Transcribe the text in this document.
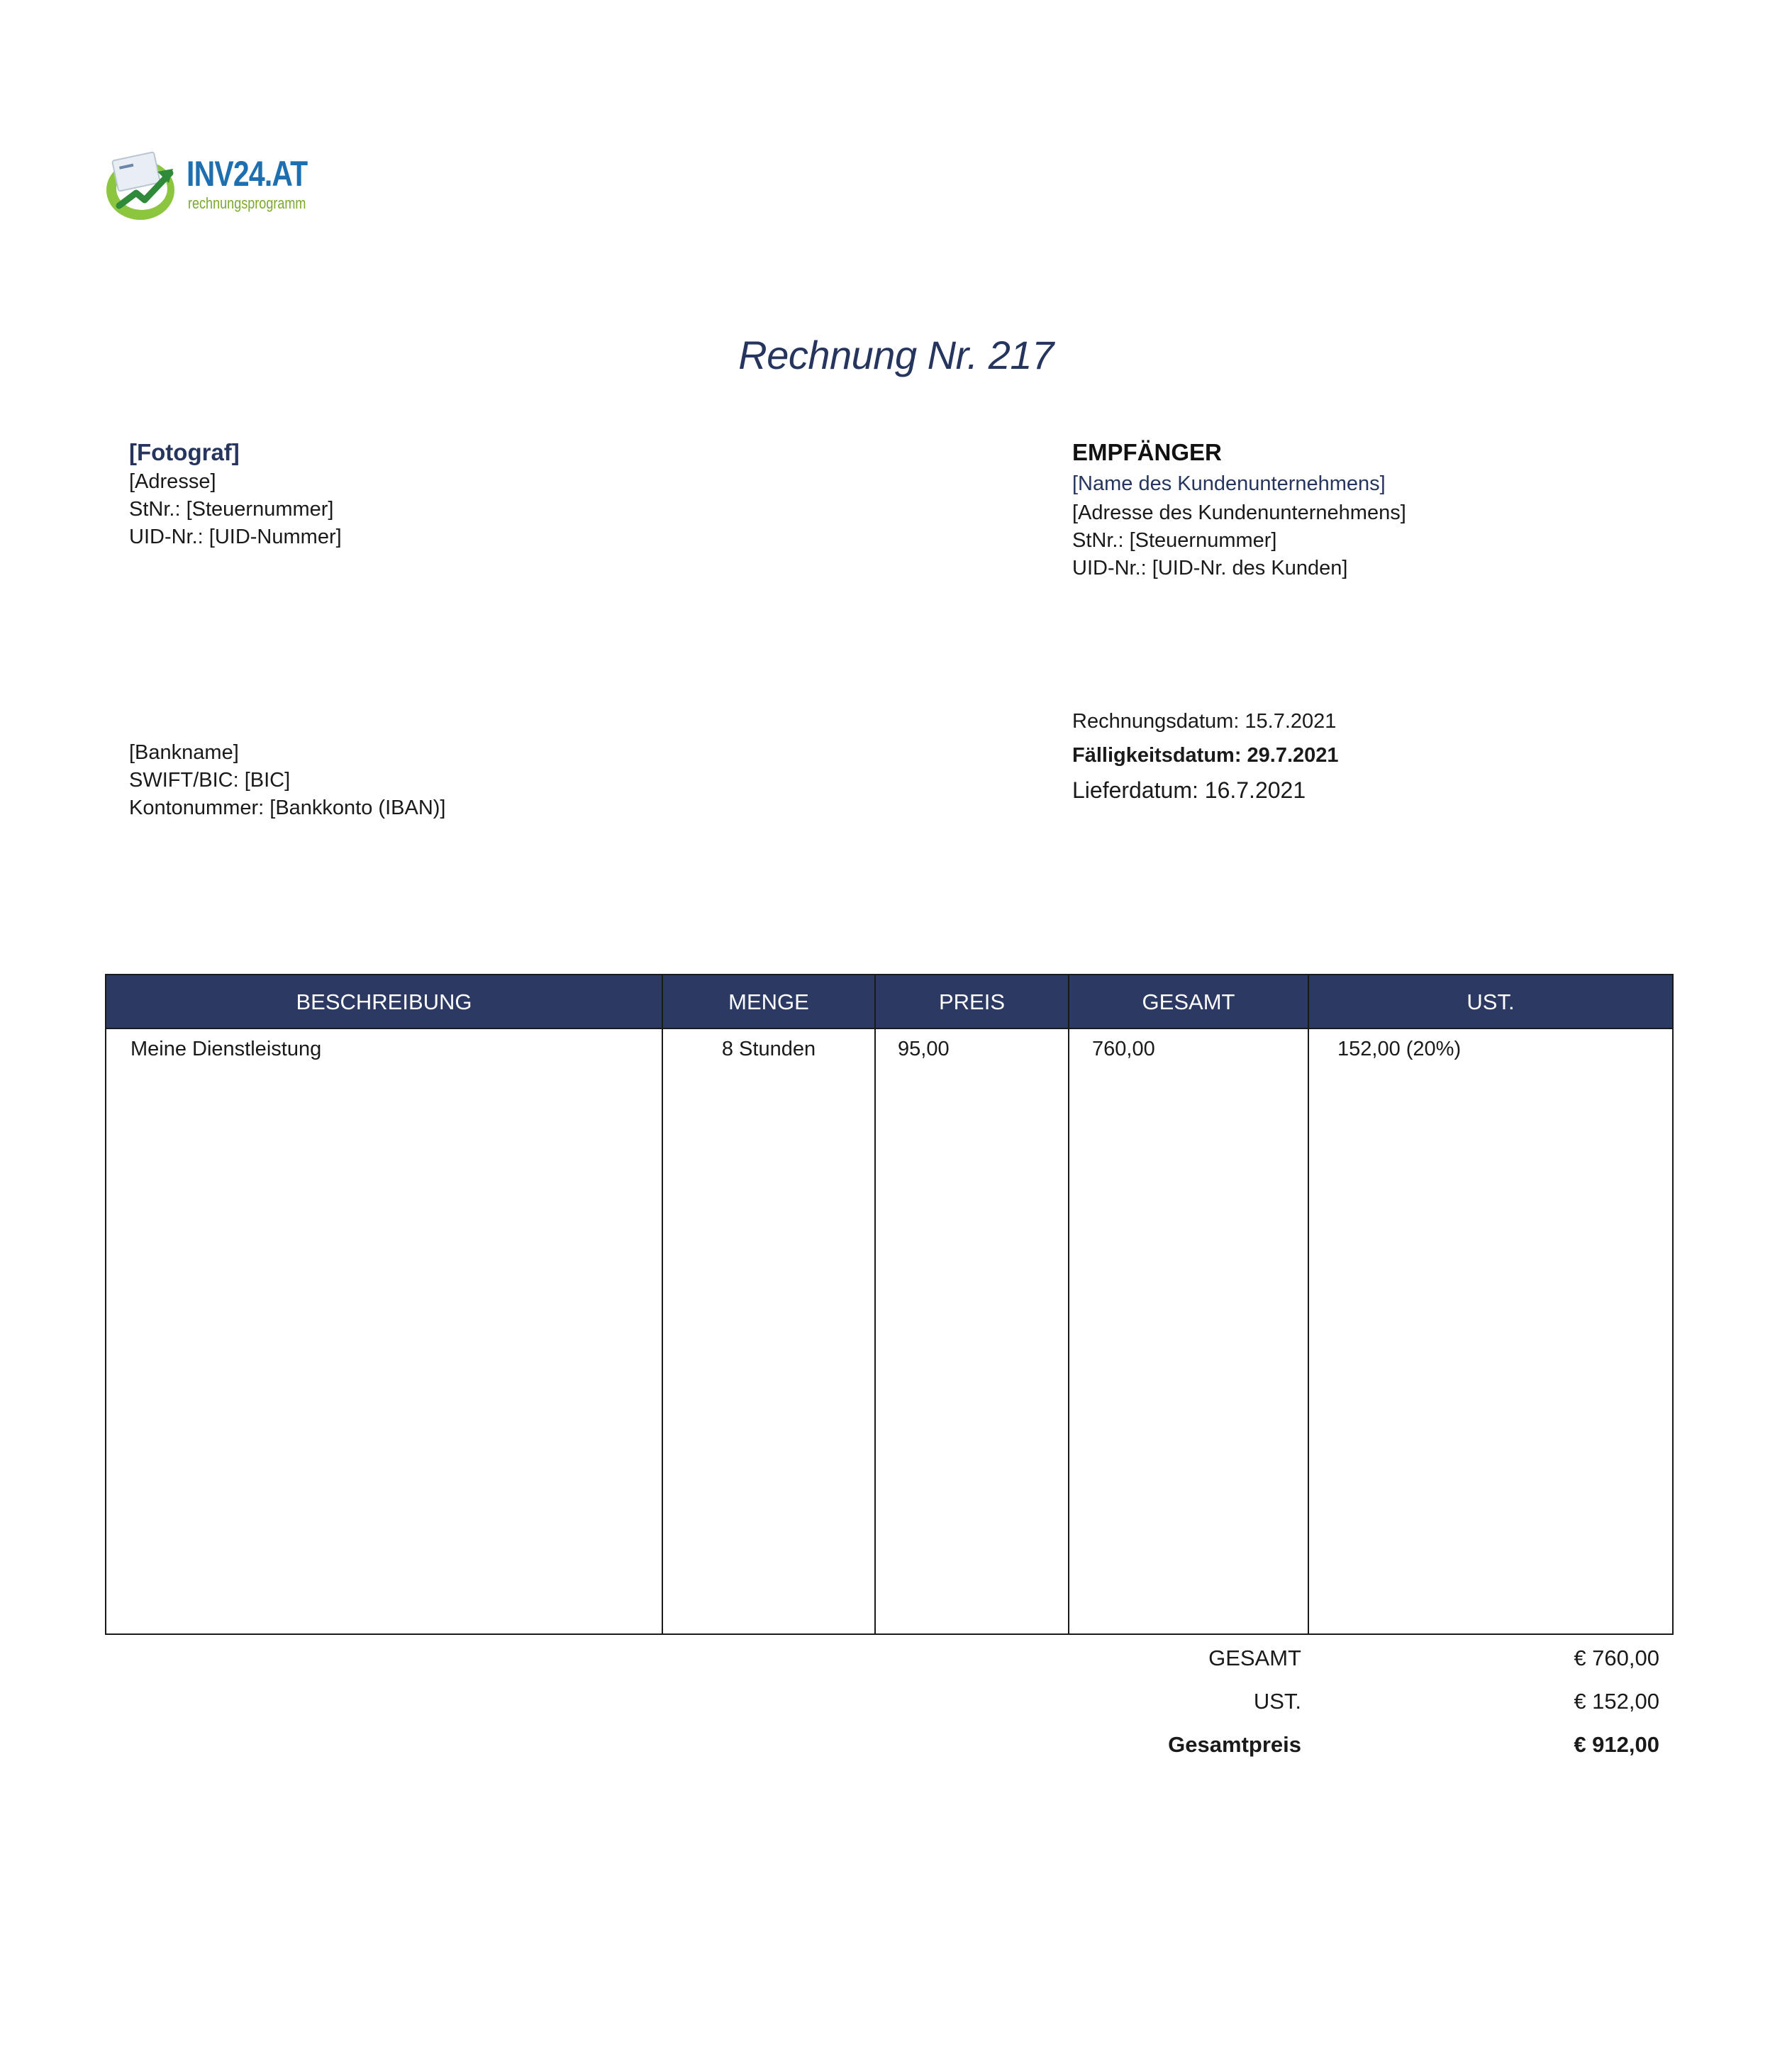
INV24.AT
rechnungsprogramm
Rechnung Nr. 217
[Fotograf]
[Adresse]
StNr.: [Steuernummer]
UID-Nr.: [UID-Nummer]
EMPFÄNGER
[Name des Kundenunternehmens]
[Adresse des Kundenunternehmens]
StNr.: [Steuernummer]
UID-Nr.: [UID-Nr. des Kunden]
[Bankname]
SWIFT/BIC: [BIC]
Kontonummer: [Bankkonto (IBAN)]
Rechnungsdatum: 15.7.2021
Fälligkeitsdatum: 29.7.2021
Lieferdatum: 16.7.2021
BESCHREIBUNG	MENGE	PREIS	GESAMT	UST.
Meine Dienstleistung	8 Stunden	95,00	760,00	152,00 (20%)
GESAMT	€ 760,00
UST.	€ 152,00
Gesamtpreis	€ 912,00
